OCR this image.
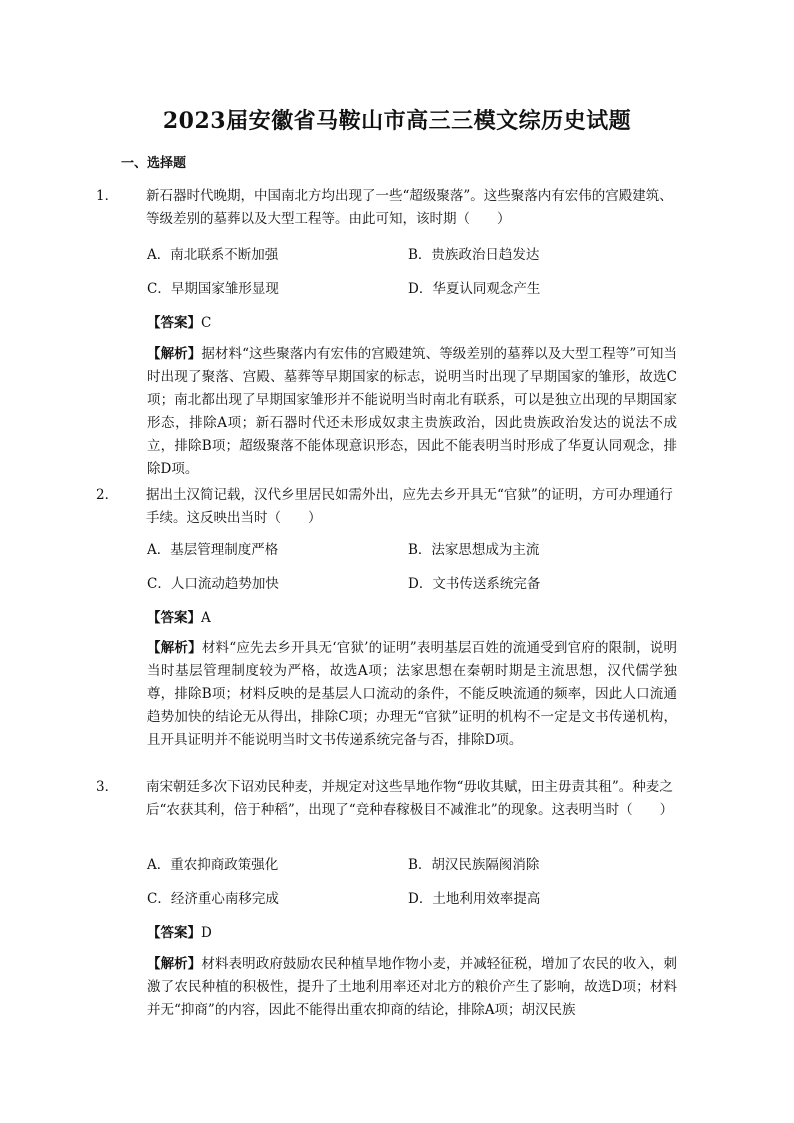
2023届安徽省马鞍山市高三三模文综历史试题
一、选择题
1． 新石器时代晚期，中国南北方均出现了一些“超级聚落”。这些聚落内有宏伟的宫殿建筑、等级差别的墓葬以及大型工程等。由此可知，该时期（　　）
A．南北联系不断加强	B．贵族政治日趋发达
C．早期国家雏形显现	D．华夏认同观念产生
【答案】C
【解析】据材料“这些聚落内有宏伟的宫殿建筑、等级差别的墓葬以及大型工程等”可知当时出现了聚落、宫殿、墓葬等早期国家的标志，说明当时出现了早期国家的雏形，故选C项；南北都出现了早期国家雏形并不能说明当时南北有联系，可以是独立出现的早期国家形态，排除A项；新石器时代还未形成奴隶主贵族政治，因此贵族政治发达的说法不成立，排除B项；超级聚落不能体现意识形态，因此不能表明当时形成了华夏认同观念，排除D项。
2． 据出土汉简记载，汉代乡里居民如需外出，应先去乡开具无“官狱”的证明，方可办理通行手续。这反映出当时（　　）
A．基层管理制度严格	B．法家思想成为主流
C．人口流动趋势加快	D．文书传送系统完备
【答案】A
【解析】材料“应先去乡开具无‘官狱’的证明”表明基层百姓的流通受到官府的限制，说明当时基层管理制度较为严格，故选A项；法家思想在秦朝时期是主流思想，汉代儒学独尊，排除B项；材料反映的是基层人口流动的条件，不能反映流通的频率，因此人口流通趋势加快的结论无从得出，排除C项；办理无“官狱”证明的机构不一定是文书传递机构，且开具证明并不能说明当时文书传递系统完备与否，排除D项。
3． 南宋朝廷多次下诏劝民种麦，并规定对这些旱地作物“毋收其赋，田主毋责其租”。种麦之后“农获其利，倍于种稻”，出现了“竞种春稼极目不减淮北”的现象。这表明当时（　　）
A．重农抑商政策强化	B．胡汉民族隔阂消除
C．经济重心南移完成	D．土地利用效率提高
【答案】D
【解析】材料表明政府鼓励农民种植旱地作物小麦，并减轻征税，增加了农民的收入，刺激了农民种植的积极性，提升了土地利用率还对北方的粮价产生了影响，故选D项；材料并无“抑商”的内容，因此不能得出重农抑商的结论，排除A项；胡汉民族
